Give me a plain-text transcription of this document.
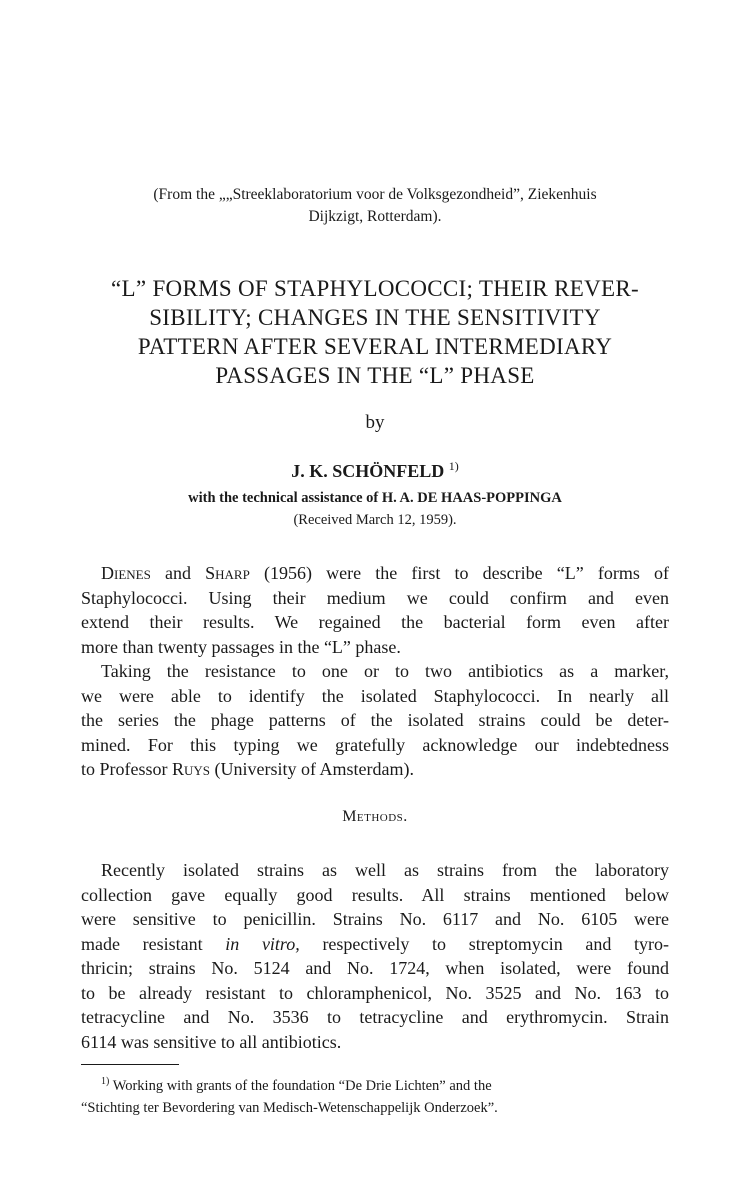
(From the „„Streeklaboratorium voor de Volksgezondheid”, Ziekenhuis
Dijkzigt, Rotterdam).
“L” FORMS OF STAPHYLOCOCCI; THEIR REVER-
SIBILITY; CHANGES IN THE SENSITIVITY
PATTERN AFTER SEVERAL INTERMEDIARY
PASSAGES IN THE “L” PHASE
by
J. K. SCHÖNFELD $^{1)}$
with the technical assistance of H. A. DE HAAS-POPPINGA
(Received March 12, 1959).
Dienes and Sharp (1956) were the first to describe “L” forms of
Staphylococci. Using their medium we could confirm and even
extend their results. We regained the bacterial form even after
more than twenty passages in the “L” phase.
Taking the resistance to one or to two antibiotics as a marker,
we were able to identify the isolated Staphylococci. In nearly all
the series the phage patterns of the isolated strains could be deter-
mined. For this typing we gratefully acknowledge our indebtedness
to Professor Ruys (University of Amsterdam).
Methods.
Recently isolated strains as well as strains from the laboratory
collection gave equally good results. All strains mentioned below
were sensitive to penicillin. Strains No. 6117 and No. 6105 were
made resistant in vitro, respectively to streptomycin and tyro-
thricin; strains No. 5124 and No. 1724, when isolated, were found
to be already resistant to chloramphenicol, No. 3525 and No. 163 to
tetracycline and No. 3536 to tetracycline and erythromycin. Strain
6114 was sensitive to all antibiotics.
$^{1)}$ Working with grants of the foundation “De Drie Lichten” and the
“Stichting ter Bevordering van Medisch-Wetenschappelijk Onderzoek”.
